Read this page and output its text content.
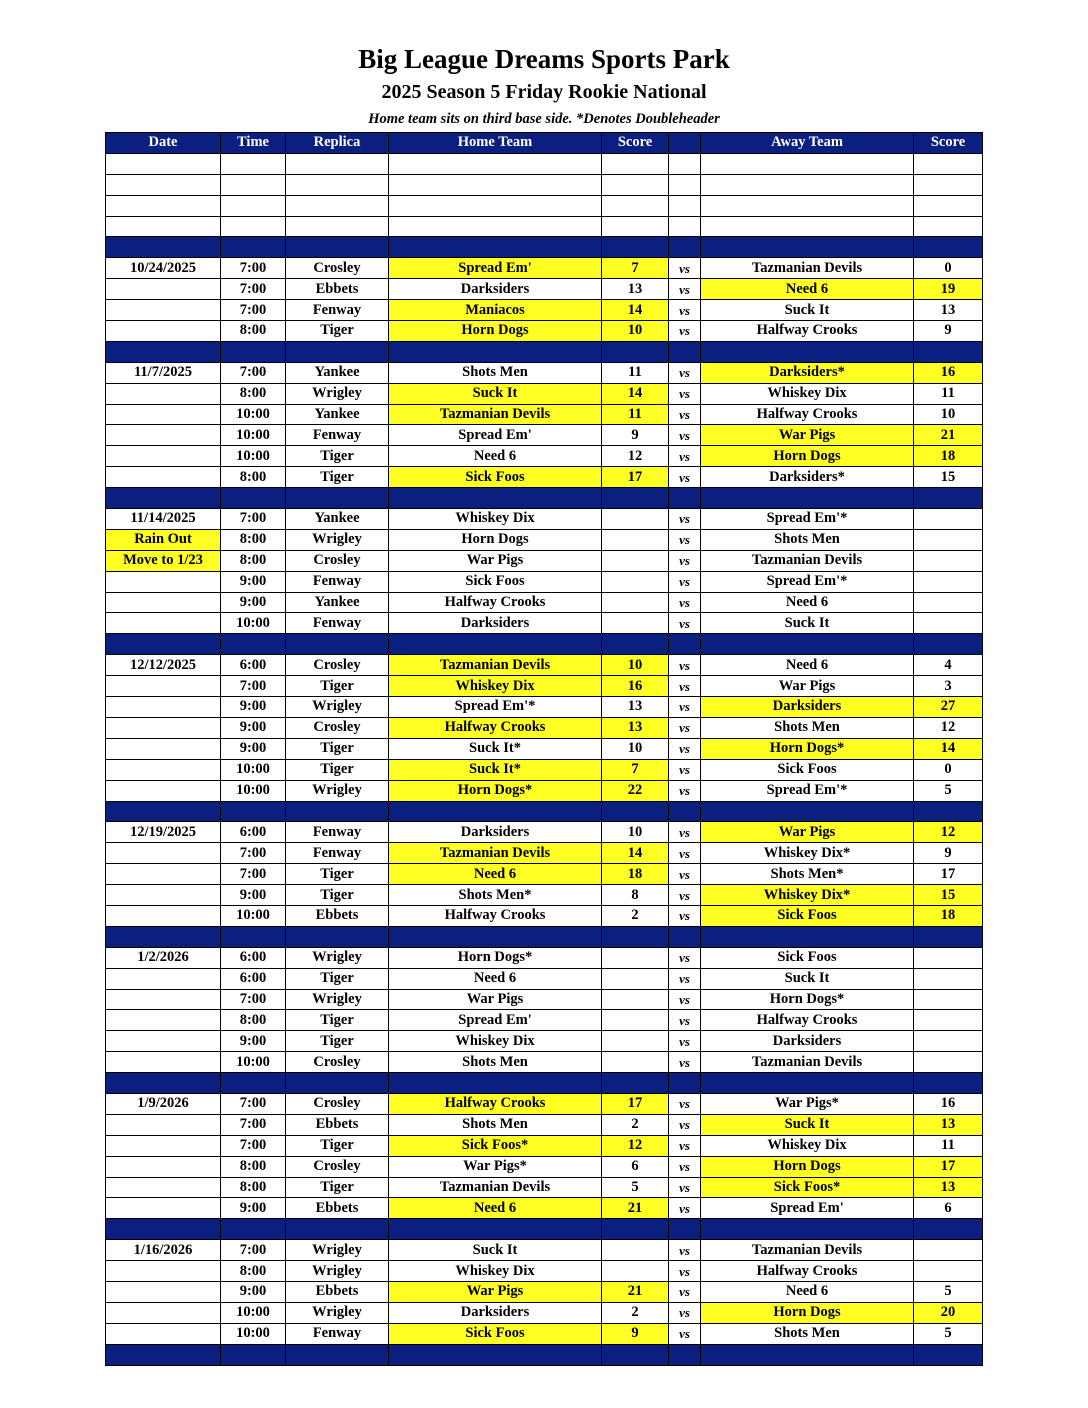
Big League Dreams Sports Park
2025 Season 5 Friday Rookie National
Home team sits on third base side. *Denotes Doubleheader
Date	Time	Replica	Home Team	Score		Away Team	Score

10/24/2025	7:00	Crosley	Spread Em'	7	vs	Tazmanian Devils	0
	7:00	Ebbets	Darksiders	13	vs	Need 6	19
	7:00	Fenway	Maniacos	14	vs	Suck It	13
	8:00	Tiger	Horn Dogs	10	vs	Halfway Crooks	9

11/7/2025	7:00	Yankee	Shots Men	11	vs	Darksiders*	16
	8:00	Wrigley	Suck It	14	vs	Whiskey Dix	11
	10:00	Yankee	Tazmanian Devils	11	vs	Halfway Crooks	10
	10:00	Fenway	Spread Em'	9	vs	War Pigs	21
	10:00	Tiger	Need 6	12	vs	Horn Dogs	18
	8:00	Tiger	Sick Foos	17	vs	Darksiders*	15

11/14/2025	7:00	Yankee	Whiskey Dix		vs	Spread Em'*	
Rain Out	8:00	Wrigley	Horn Dogs		vs	Shots Men	
Move to 1/23	8:00	Crosley	War Pigs		vs	Tazmanian Devils	
	9:00	Fenway	Sick Foos		vs	Spread Em'*	
	9:00	Yankee	Halfway Crooks		vs	Need 6	
	10:00	Fenway	Darksiders		vs	Suck It	

12/12/2025	6:00	Crosley	Tazmanian Devils	10	vs	Need 6	4
	7:00	Tiger	Whiskey Dix	16	vs	War Pigs	3
	9:00	Wrigley	Spread Em'*	13	vs	Darksiders	27
	9:00	Crosley	Halfway Crooks	13	vs	Shots Men	12
	9:00	Tiger	Suck It*	10	vs	Horn Dogs*	14
	10:00	Tiger	Suck It*	7	vs	Sick Foos	0
	10:00	Wrigley	Horn Dogs*	22	vs	Spread Em'*	5

12/19/2025	6:00	Fenway	Darksiders	10	vs	War Pigs	12
	7:00	Fenway	Tazmanian Devils	14	vs	Whiskey Dix*	9
	7:00	Tiger	Need 6	18	vs	Shots Men*	17
	9:00	Tiger	Shots Men*	8	vs	Whiskey Dix*	15
	10:00	Ebbets	Halfway Crooks	2	vs	Sick Foos	18

1/2/2026	6:00	Wrigley	Horn Dogs*		vs	Sick Foos	
	6:00	Tiger	Need 6		vs	Suck It	
	7:00	Wrigley	War Pigs		vs	Horn Dogs*	
	8:00	Tiger	Spread Em'		vs	Halfway Crooks	
	9:00	Tiger	Whiskey Dix		vs	Darksiders	
	10:00	Crosley	Shots Men		vs	Tazmanian Devils	

1/9/2026	7:00	Crosley	Halfway Crooks	17	vs	War Pigs*	16
	7:00	Ebbets	Shots Men	2	vs	Suck It	13
	7:00	Tiger	Sick Foos*	12	vs	Whiskey Dix	11
	8:00	Crosley	War Pigs*	6	vs	Horn Dogs	17
	8:00	Tiger	Tazmanian Devils	5	vs	Sick Foos*	13
	9:00	Ebbets	Need 6	21	vs	Spread Em'	6

1/16/2026	7:00	Wrigley	Suck It		vs	Tazmanian Devils	
	8:00	Wrigley	Whiskey Dix		vs	Halfway Crooks	
	9:00	Ebbets	War Pigs	21	vs	Need 6	5
	10:00	Wrigley	Darksiders	2	vs	Horn Dogs	20
	10:00	Fenway	Sick Foos	9	vs	Shots Men	5
